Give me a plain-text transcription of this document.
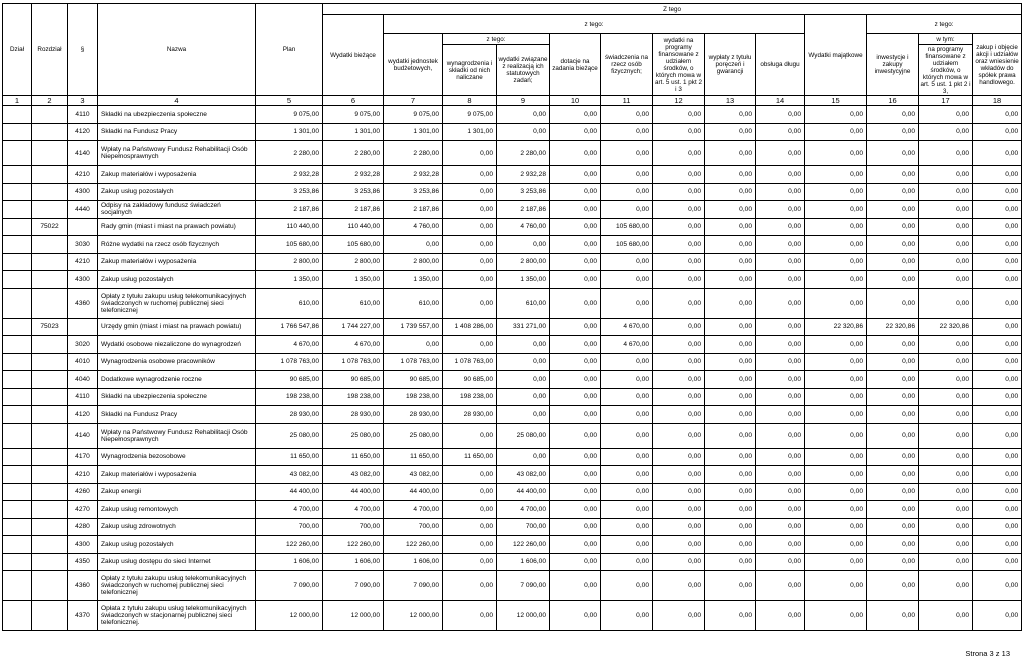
Dział	Rozdział	§	Nazwa	Plan	Z tego												
					Wydatki bieżące	z tego:								Wydatki majątkowe	z tego:		
						wydatki jednostek budżetowych,	z tego:		dotacje na zadania bieżące	świadczenia na rzecz osób fizycznych;	wydatki na programy finansowane z udziałem środków, o których mowa w art. 5 ust. 1 pkt 2 i 3	wypłaty z tytułu poręczeń i gwarancji	obsługa długu		inwestycje i zakupy inwestycyjne	w tym:	zakup i objęcie akcji i udziałów oraz wniesienie wkładów do spółek prawa handlowego.
							wynagrodzenia i składki od nich naliczane	wydatki związane z realizacją ich statutowych zadań;								na programy finansowane z udziałem środków, o których mowa w art. 5 ust. 1 pkt 2 i 3,	

1	2	3	4	5	6	7	8	9	10	11	12	13	14	15	16	17	18
		4110	Składki na ubezpieczenia społeczne	9 075,00	9 075,00	9 075,00	9 075,00	0,00	0,00	0,00	0,00	0,00	0,00	0,00	0,00	0,00	0,00
		4120	Składki na Fundusz Pracy	1 301,00	1 301,00	1 301,00	1 301,00	0,00	0,00	0,00	0,00	0,00	0,00	0,00	0,00	0,00	0,00
		4140	Wpłaty na Państwowy Fundusz Rehabilitacji Osób Niepełnosprawnych	2 280,00	2 280,00	2 280,00	0,00	2 280,00	0,00	0,00	0,00	0,00	0,00	0,00	0,00	0,00	0,00
		4210	Zakup materiałów i wyposażenia	2 932,28	2 932,28	2 932,28	0,00	2 932,28	0,00	0,00	0,00	0,00	0,00	0,00	0,00	0,00	0,00
		4300	Zakup usług pozostałych	3 253,86	3 253,86	3 253,86	0,00	3 253,86	0,00	0,00	0,00	0,00	0,00	0,00	0,00	0,00	0,00
		4440	Odpisy na zakładowy fundusz świadczeń socjalnych	2 187,86	2 187,86	2 187,86	0,00	2 187,86	0,00	0,00	0,00	0,00	0,00	0,00	0,00	0,00	0,00
	75022		Rady gmin (miast i miast na prawach powiatu)	110 440,00	110 440,00	4 760,00	0,00	4 760,00	0,00	105 680,00	0,00	0,00	0,00	0,00	0,00	0,00	0,00
		3030	Różne wydatki na rzecz osób fizycznych	105 680,00	105 680,00	0,00	0,00	0,00	0,00	105 680,00	0,00	0,00	0,00	0,00	0,00	0,00	0,00
		4210	Zakup materiałów i wyposażenia	2 800,00	2 800,00	2 800,00	0,00	2 800,00	0,00	0,00	0,00	0,00	0,00	0,00	0,00	0,00	0,00
		4300	Zakup usług pozostałych	1 350,00	1 350,00	1 350,00	0,00	1 350,00	0,00	0,00	0,00	0,00	0,00	0,00	0,00	0,00	0,00
		4360	Opłaty z tytułu zakupu usług telekomunikacyjnych świadczonych w ruchomej publicznej sieci telefonicznej	610,00	610,00	610,00	0,00	610,00	0,00	0,00	0,00	0,00	0,00	0,00	0,00	0,00	0,00
	75023		Urzędy gmin (miast i miast na prawach powiatu)	1 766 547,86	1 744 227,00	1 739 557,00	1 408 286,00	331 271,00	0,00	4 670,00	0,00	0,00	0,00	22 320,86	22 320,86	22 320,86	0,00
		3020	Wydatki osobowe niezaliczone do wynagrodzeń	4 670,00	4 670,00	0,00	0,00	0,00	0,00	4 670,00	0,00	0,00	0,00	0,00	0,00	0,00	0,00
		4010	Wynagrodzenia osobowe pracowników	1 078 763,00	1 078 763,00	1 078 763,00	1 078 763,00	0,00	0,00	0,00	0,00	0,00	0,00	0,00	0,00	0,00	0,00
		4040	Dodatkowe wynagrodzenie roczne	90 685,00	90 685,00	90 685,00	90 685,00	0,00	0,00	0,00	0,00	0,00	0,00	0,00	0,00	0,00	0,00
		4110	Składki na ubezpieczenia społeczne	198 238,00	198 238,00	198 238,00	198 238,00	0,00	0,00	0,00	0,00	0,00	0,00	0,00	0,00	0,00	0,00
		4120	Składki na Fundusz Pracy	28 930,00	28 930,00	28 930,00	28 930,00	0,00	0,00	0,00	0,00	0,00	0,00	0,00	0,00	0,00	0,00
		4140	Wpłaty na Państwowy Fundusz Rehabilitacji Osób Niepełnosprawnych	25 080,00	25 080,00	25 080,00	0,00	25 080,00	0,00	0,00	0,00	0,00	0,00	0,00	0,00	0,00	0,00
		4170	Wynagrodzenia bezosobowe	11 650,00	11 650,00	11 650,00	11 650,00	0,00	0,00	0,00	0,00	0,00	0,00	0,00	0,00	0,00	0,00
		4210	Zakup materiałów i wyposażenia	43 082,00	43 082,00	43 082,00	0,00	43 082,00	0,00	0,00	0,00	0,00	0,00	0,00	0,00	0,00	0,00
		4260	Zakup energii	44 400,00	44 400,00	44 400,00	0,00	44 400,00	0,00	0,00	0,00	0,00	0,00	0,00	0,00	0,00	0,00
		4270	Zakup usług remontowych	4 700,00	4 700,00	4 700,00	0,00	4 700,00	0,00	0,00	0,00	0,00	0,00	0,00	0,00	0,00	0,00
		4280	Zakup usług zdrowotnych	700,00	700,00	700,00	0,00	700,00	0,00	0,00	0,00	0,00	0,00	0,00	0,00	0,00	0,00
		4300	Zakup usług pozostałych	122 260,00	122 260,00	122 260,00	0,00	122 260,00	0,00	0,00	0,00	0,00	0,00	0,00	0,00	0,00	0,00
		4350	Zakup usług dostępu do sieci Internet	1 606,00	1 606,00	1 606,00	0,00	1 606,00	0,00	0,00	0,00	0,00	0,00	0,00	0,00	0,00	0,00
		4360	Opłaty z tytułu zakupu usług telekomunikacyjnych świadczonych w ruchomej publicznej sieci telefonicznej	7 090,00	7 090,00	7 090,00	0,00	7 090,00	0,00	0,00	0,00	0,00	0,00	0,00	0,00	0,00	0,00
		4370	Opłata z tytułu zakupu usług telekomunikacyjnych świadczonych w stacjonarnej publicznej sieci telefonicznej.	12 000,00	12 000,00	12 000,00	0,00	12 000,00	0,00	0,00	0,00	0,00	0,00	0,00	0,00	0,00	0,00
Strona 3 z 13
